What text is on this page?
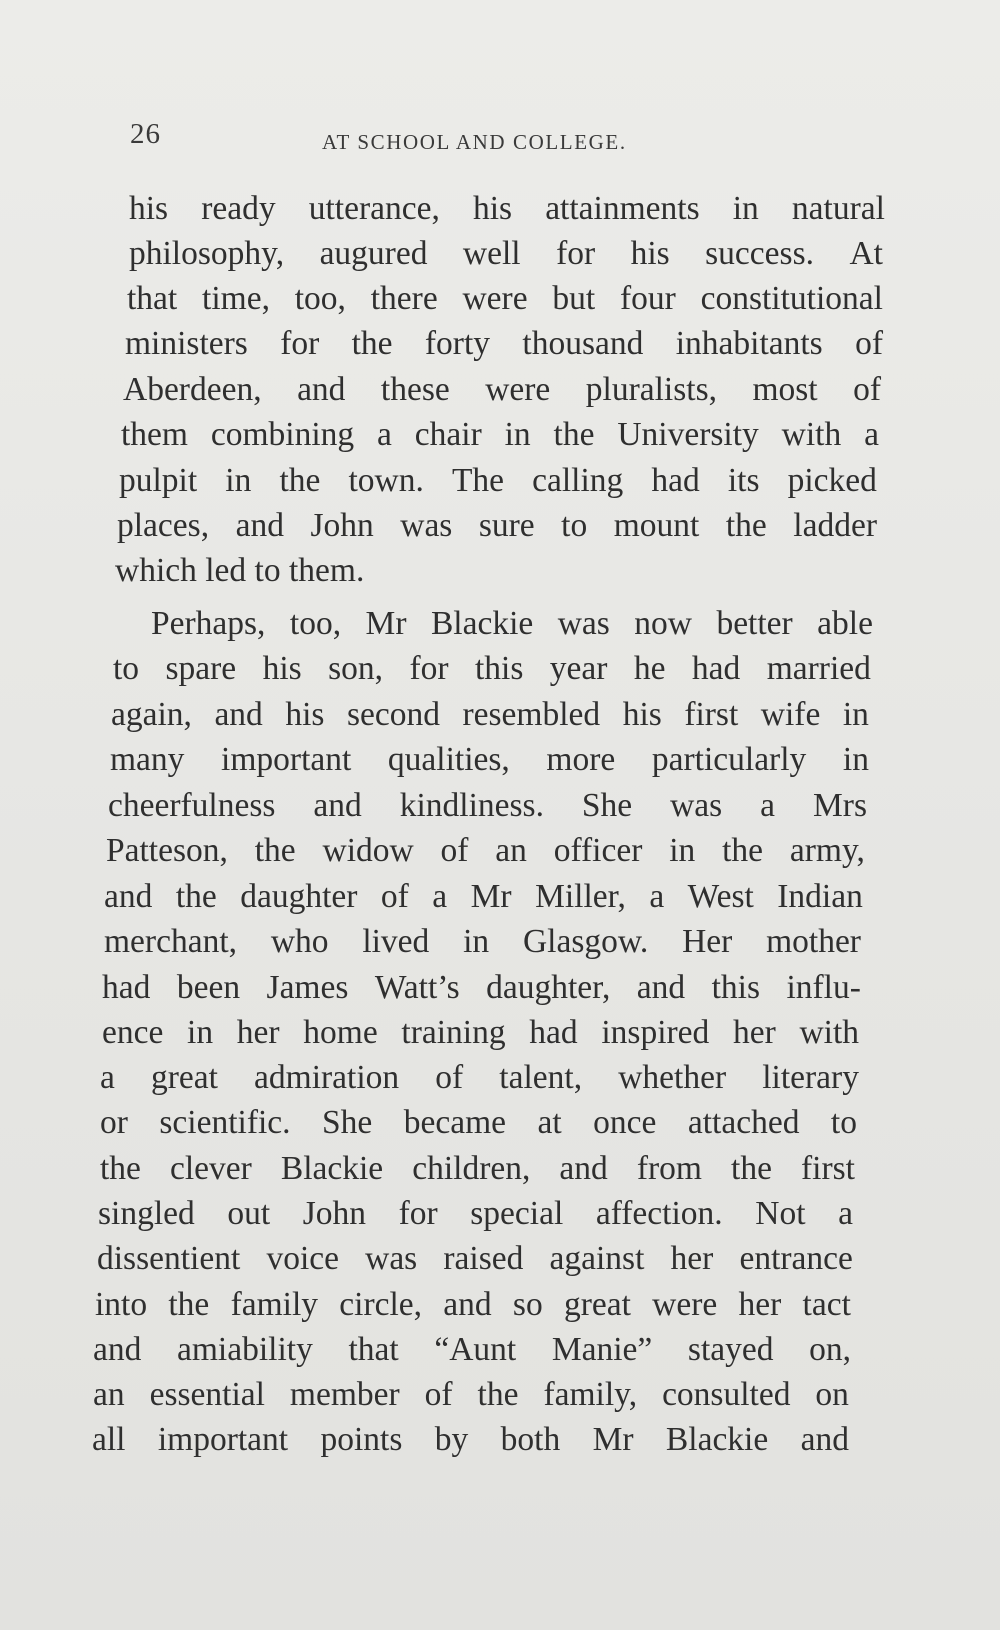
26	AT SCHOOL AND COLLEGE.
his ready utterance, his attainments in natural
philosophy, augured well for his success. At
that time, too, there were but four constitutional
ministers for the forty thousand inhabitants of
Aberdeen, and these were pluralists, most of
them combining a chair in the University with a
pulpit in the town. The calling had its picked
places, and John was sure to mount the ladder
which led to them.
Perhaps, too, Mr Blackie was now better able
to spare his son, for this year he had married
again, and his second resembled his first wife in
many important qualities, more particularly in
cheerfulness and kindliness. She was a Mrs
Patteson, the widow of an officer in the army,
and the daughter of a Mr Miller, a West Indian
merchant, who lived in Glasgow. Her mother
had been James Watt’s daughter, and this influ-
ence in her home training had inspired her with
a great admiration of talent, whether literary
or scientific. She became at once attached to
the clever Blackie children, and from the first
singled out John for special affection. Not a
dissentient voice was raised against her entrance
into the family circle, and so great were her tact
and amiability that “Aunt Manie” stayed on,
an essential member of the family, consulted on
all important points by both Mr Blackie and
